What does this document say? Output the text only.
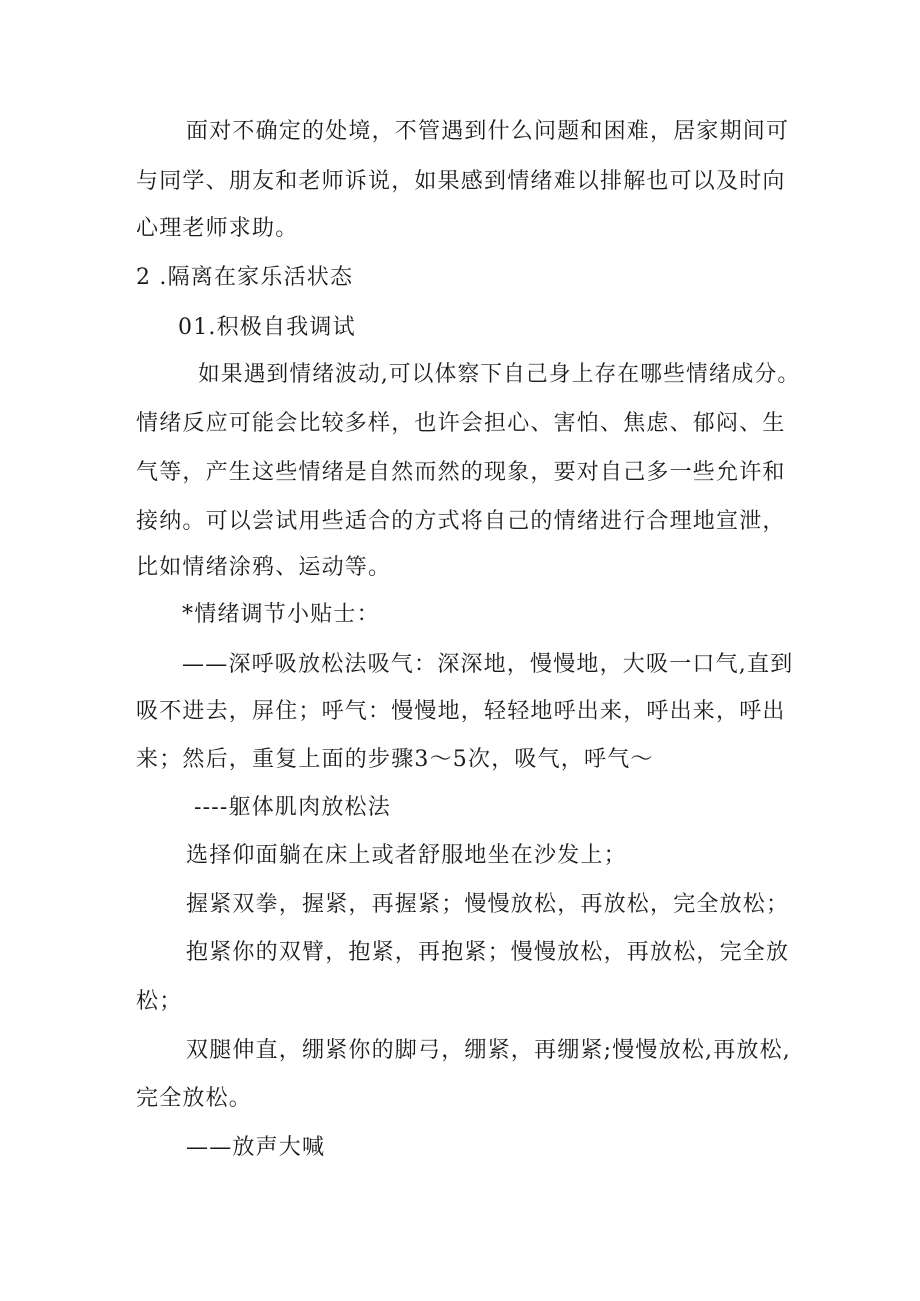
面对不确定的处境，不管遇到什么问题和困难，居家期间可

与同学、朋友和老师诉说，如果感到情绪难以排解也可以及时向

心理老师求助。

2 .隔离在家乐活状态

01.积极自我调试

如果遇到情绪波动,可以体察下自己身上存在哪些情绪成分。

情绪反应可能会比较多样，也许会担心、害怕、焦虑、郁闷、生

气等，产生这些情绪是自然而然的现象，要对自己多一些允许和

接纳。可以尝试用些适合的方式将自己的情绪进行合理地宣泄，

比如情绪涂鸦、运动等。

*情绪调节小贴士：

——深呼吸放松法吸气：深深地，慢慢地，大吸一口气,直到

吸不进去，屏住；呼气：慢慢地，轻轻地呼出来，呼出来，呼出

来；然后，重复上面的步骤3～5次，吸气，呼气～

----躯体肌肉放松法

选择仰面躺在床上或者舒服地坐在沙发上；

握紧双拳，握紧，再握紧；慢慢放松，再放松，完全放松；

抱紧你的双臂，抱紧，再抱紧；慢慢放松，再放松，完全放

松；

双腿伸直，绷紧你的脚弓，绷紧，再绷紧;慢慢放松,再放松,

完全放松。

——放声大喊
